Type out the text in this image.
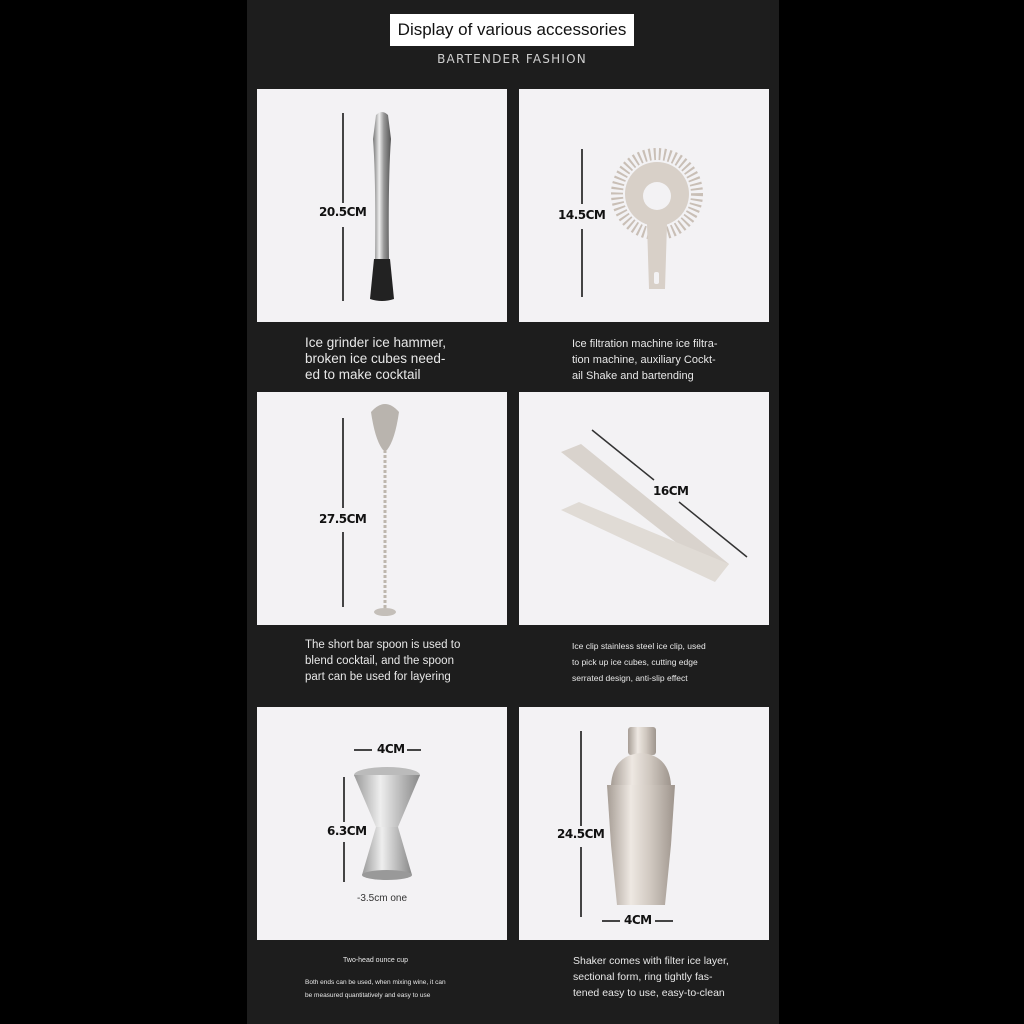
Display of various accessories
BARTENDER FASHION
20.5CM	14.5CM
27.5CM
16CM
4CM
6.3CM
-3.5cm one
24.5CM
4CM
Ice grinder ice hammer,
broken ice cubes need-
ed to make cocktail
Ice filtration machine ice filtra-
tion machine, auxiliary Cockt-
ail Shake and bartending
The short bar spoon is used to
blend cocktail, and the spoon
part can be used for layering
Ice clip stainless steel ice clip, used
to pick up ice cubes, cutting edge
serrated design, anti-slip effect
Two-head ounce cup
Both ends can be used, when mixing wine, it can
be measured quantitatively and easy to use
Shaker comes with filter ice layer,
sectional form, ring tightly fas-
tened easy to use, easy-to-clean
